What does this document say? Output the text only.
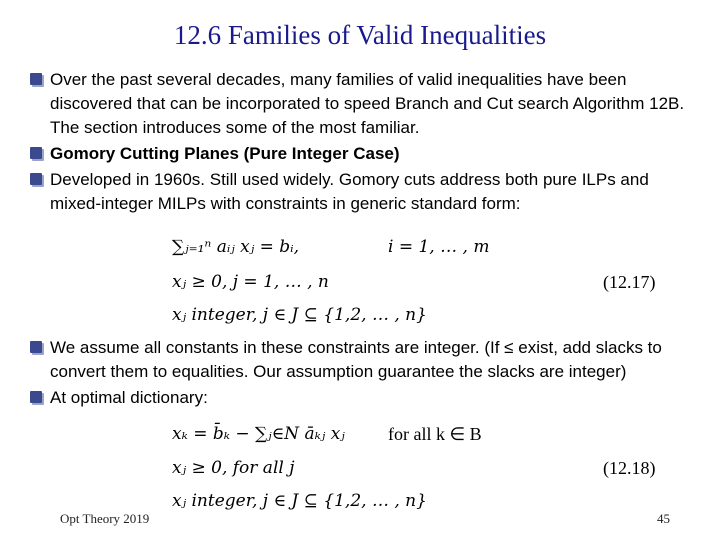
12.6 Families of Valid Inequalities
Over the past several decades, many families of valid inequalities have been discovered that can be incorporated to speed Branch and Cut search Algorithm 12B. The section introduces some of the most familiar.
Gomory Cutting Planes (Pure Integer Case)
Developed in 1960s. Still used widely. Gomory cuts address both pure ILPs and mixed-integer MILPs with constraints in generic standard form:
∑ⱼ₌₁ⁿ aᵢⱼ xⱼ = bᵢ,	i = 1, … , m
xⱼ ≥ 0, j = 1, … , n	(12.17)
xⱼ integer, j ∈ J ⊆ {1,2, … , n}
We assume all constants in these constraints are integer. (If ≤ exist, add slacks to convert them to equalities. Our assumption guarantee the slacks are integer)
At optimal dictionary:
xₖ = b̄ₖ − ∑ⱼ∈N āₖⱼ xⱼ for all k ∈ B
xⱼ ≥ 0, for all j	(12.18)
xⱼ integer, j ∈ J ⊆ {1,2, … , n}
Opt Theory 2019	45
